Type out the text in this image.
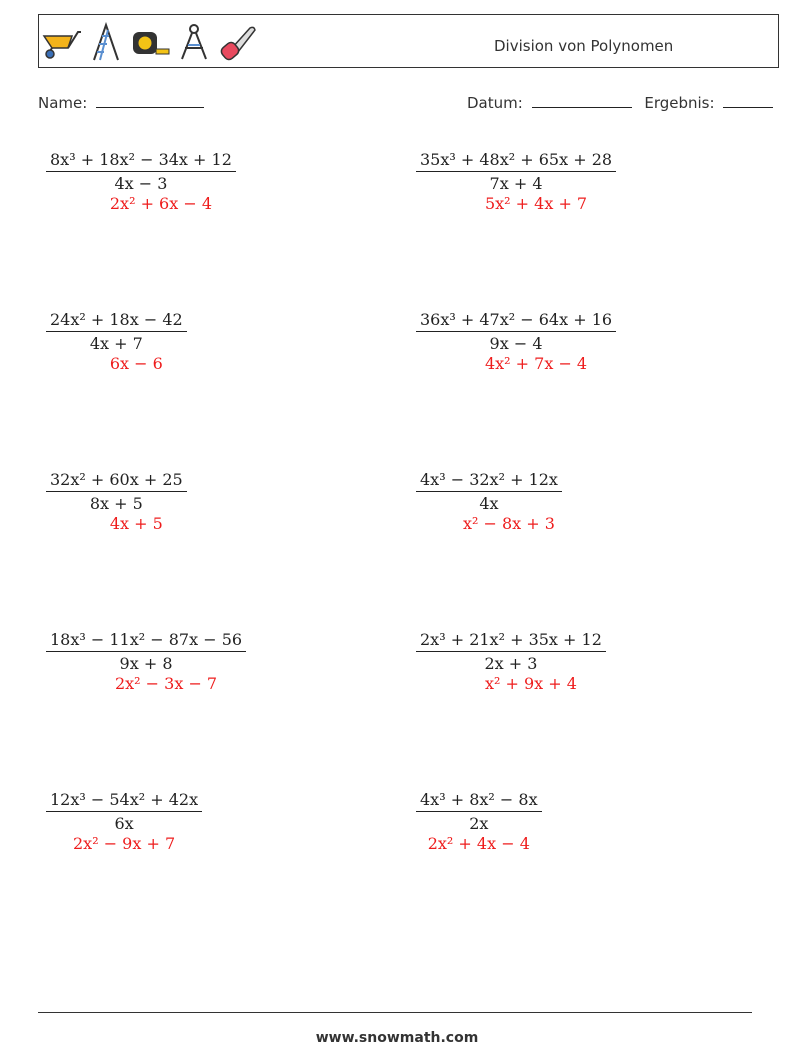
Division von Polynomen
Name:	Datum:	Ergebnis:
8x³ + 18x² − 34x + 12
4x − 3
2x² + 6x − 4
35x³ + 48x² + 65x + 28
7x + 4
5x² + 4x + 7
24x² + 18x − 42
4x + 7
6x − 6
36x³ + 47x² − 64x + 16
9x − 4
4x² + 7x − 4
32x² + 60x + 25
8x + 5
4x + 5
4x³ − 32x² + 12x
4x
x² − 8x + 3
18x³ − 11x² − 87x − 56
9x + 8
2x² − 3x − 7
2x³ + 21x² + 35x + 12
2x + 3
x² + 9x + 4
12x³ − 54x² + 42x
6x
2x² − 9x + 7
4x³ + 8x² − 8x
2x
2x² + 4x − 4
www.snowmath.com
